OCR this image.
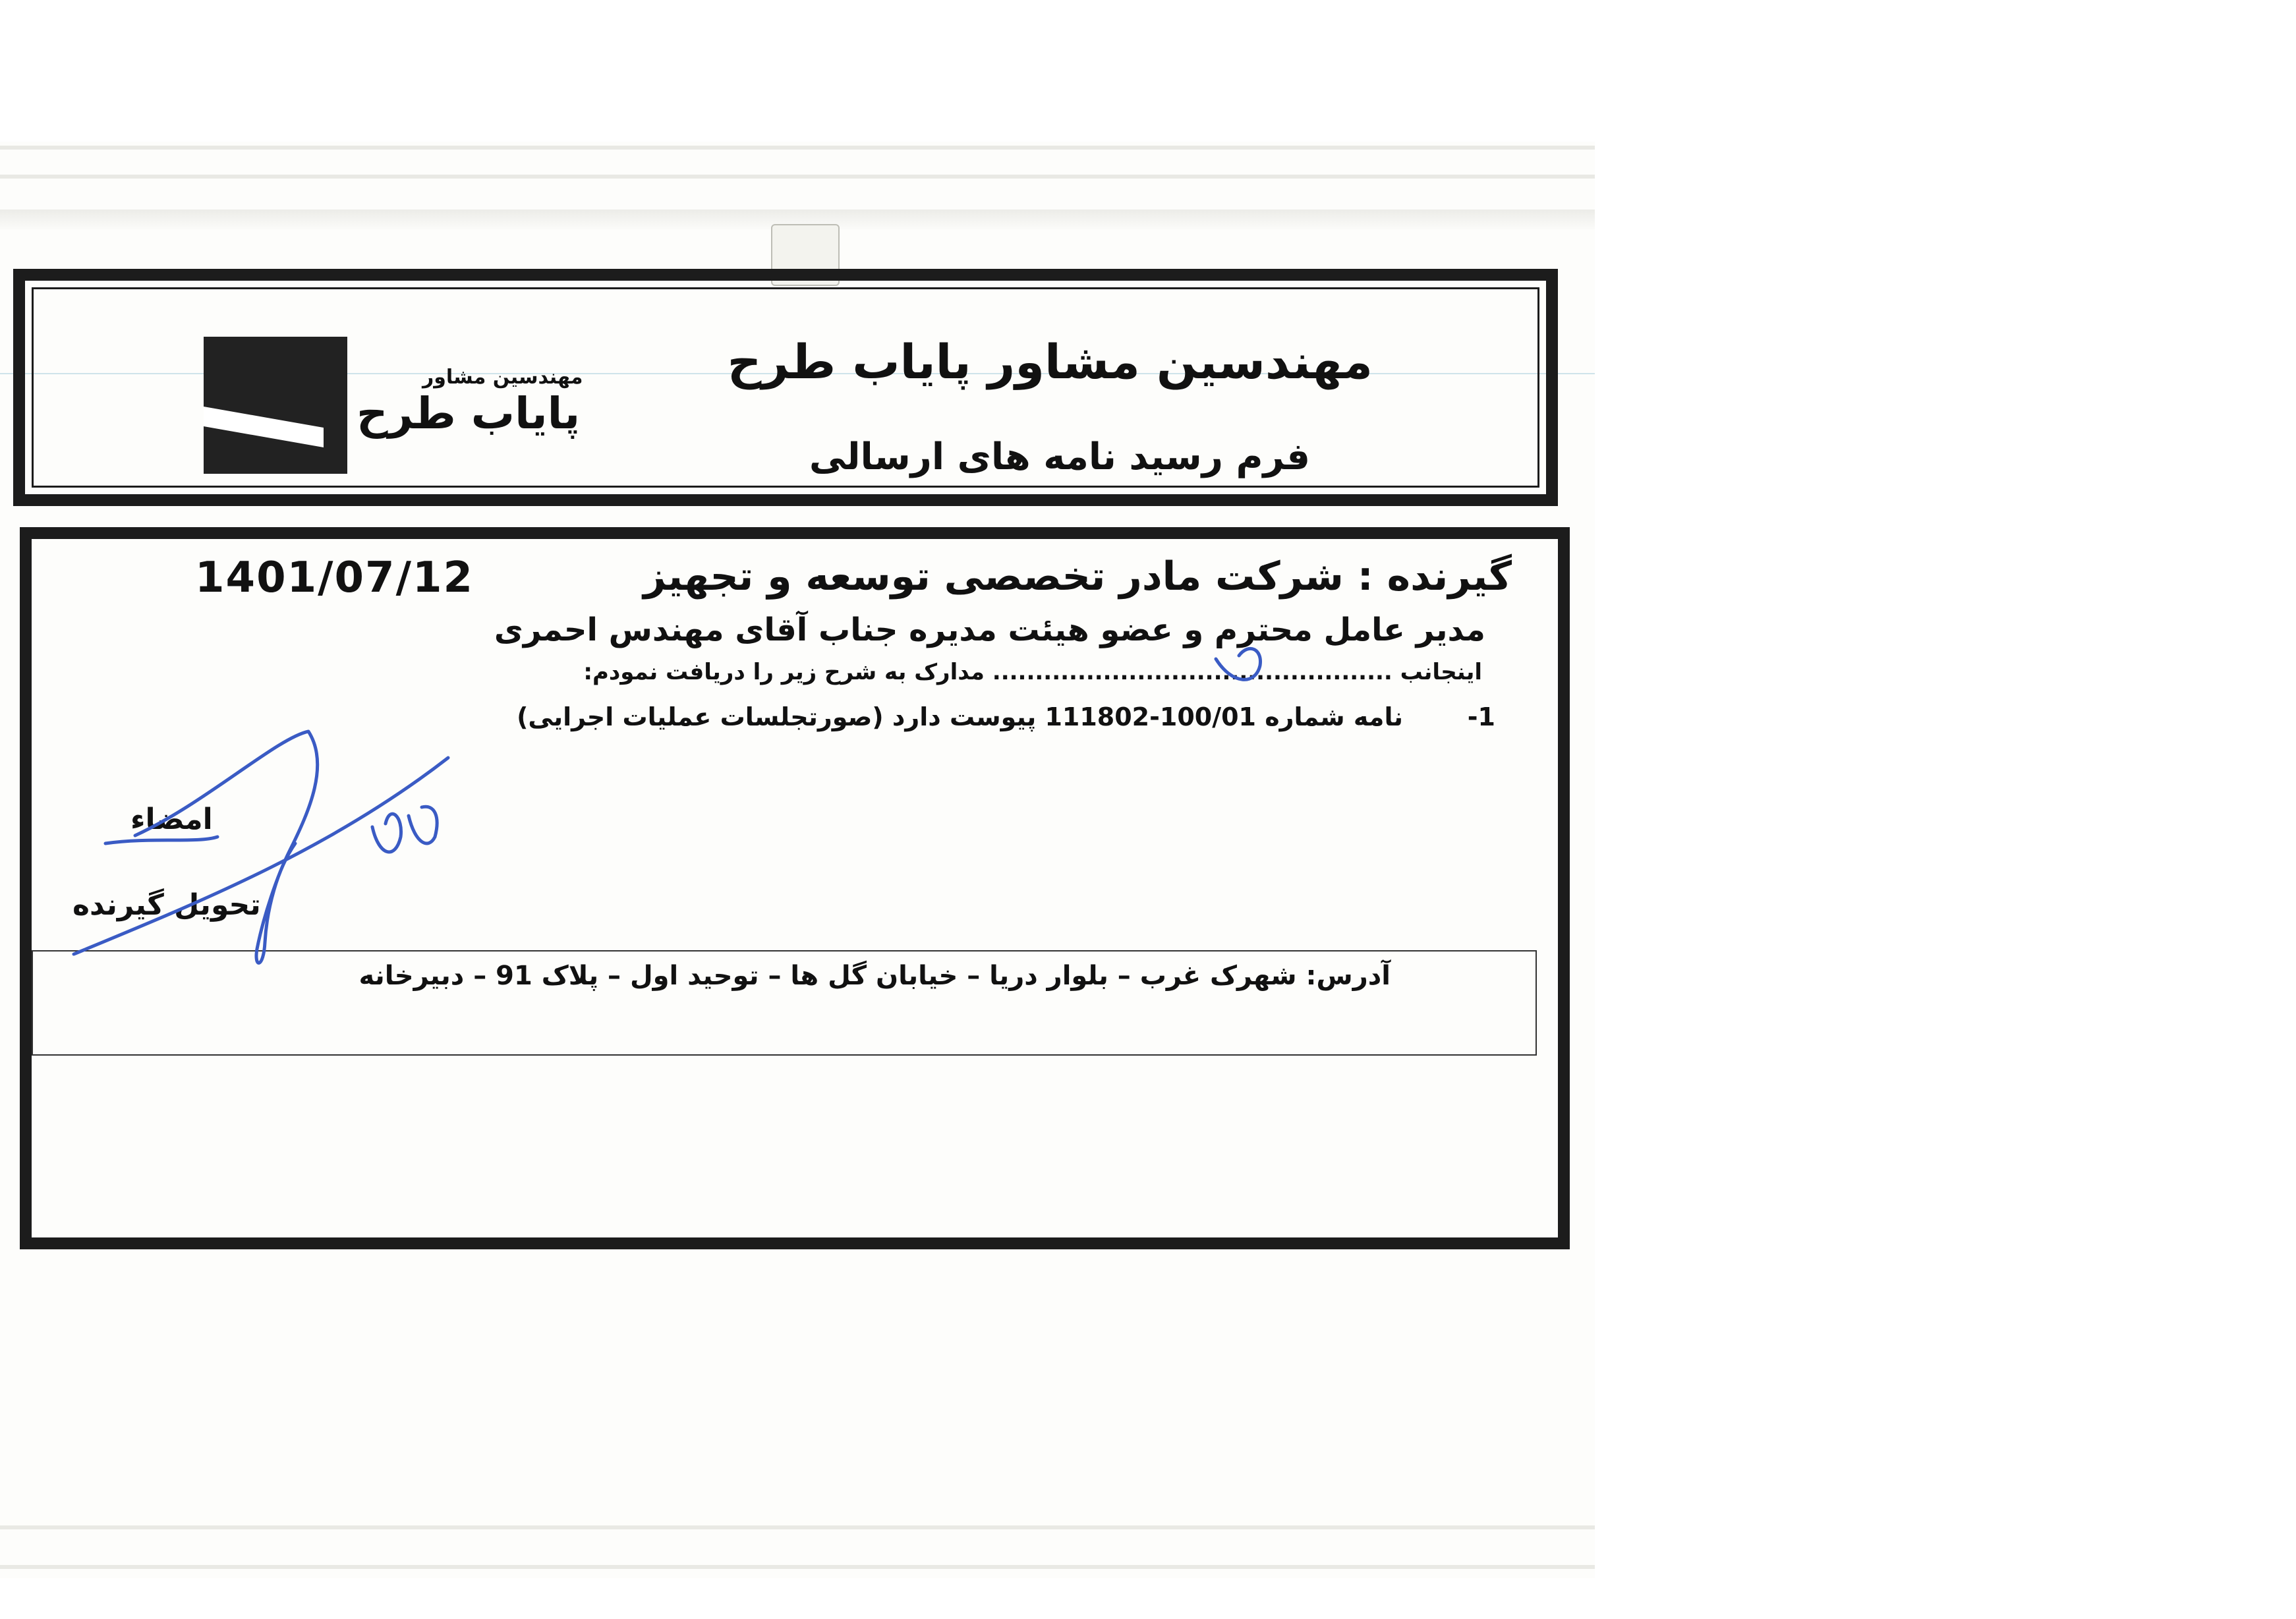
مهندسین مشاور پایاب طرح
فرم رسید نامه های ارسالی
مهندسین مشاور
پایاب طرح
گیرنده : شرکت مادر تخصصی توسعه و تجهیز
1401/07/12
مدیر عامل محترم و عضو هیئت مدیره جناب آقای مهندس احمری
اینجانب ............................................... مدارک به شرح زیر را دریافت نمودم:
1-
نامه شماره 100/01-111802 پیوست دارد (صورتجلسات عملیات اجرایی)
امضاء
تحویل گیرنده
آدرس: شهرک غرب – بلوار دریا – خیابان گل ها – توحید اول – پلاک 91 – دبیرخانه
